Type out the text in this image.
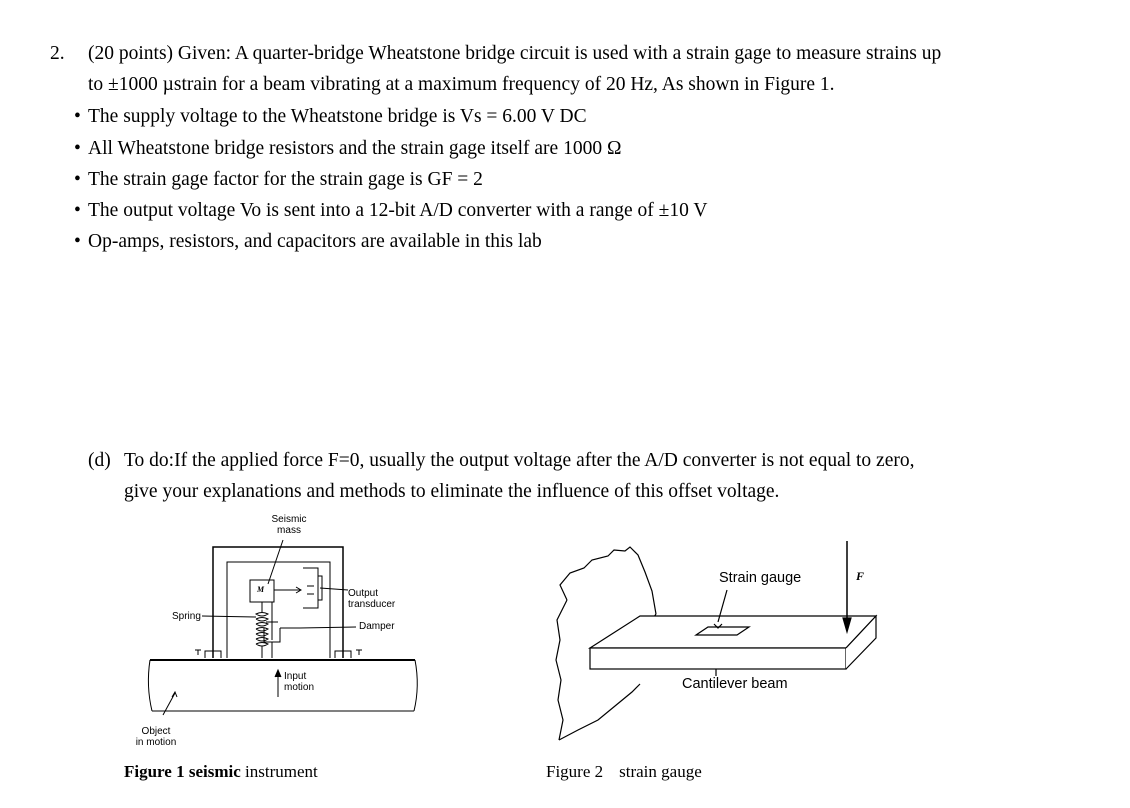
2. (20 points) Given: A quarter-bridge Wheatstone bridge circuit is used with a strain gage to measure strains up
to ±1000 µstrain for a beam vibrating at a maximum frequency of 20 Hz, As shown in Figure 1.
• The supply voltage to the Wheatstone bridge is Vs = 6.00 V DC
• All Wheatstone bridge resistors and the strain gage itself are 1000 Ω
• The strain gage factor for the strain gage is GF = 2
• The output voltage Vo is sent into a 12-bit A/D converter with a range of ±10 V
• Op-amps, resistors, and capacitors are available in this lab
(d) To do:If the applied force F=0, usually the output voltage after the A/D converter is not equal to zero,
give your explanations and methods to eliminate the influence of this offset voltage.
Seismic
mass
M	Output
transducer
Spring
Damper
Input
motion
Object
in motion
Figure 1 seismic instrument
Strain gauge	F
Cantilever beam
Figure 2 strain gauge
